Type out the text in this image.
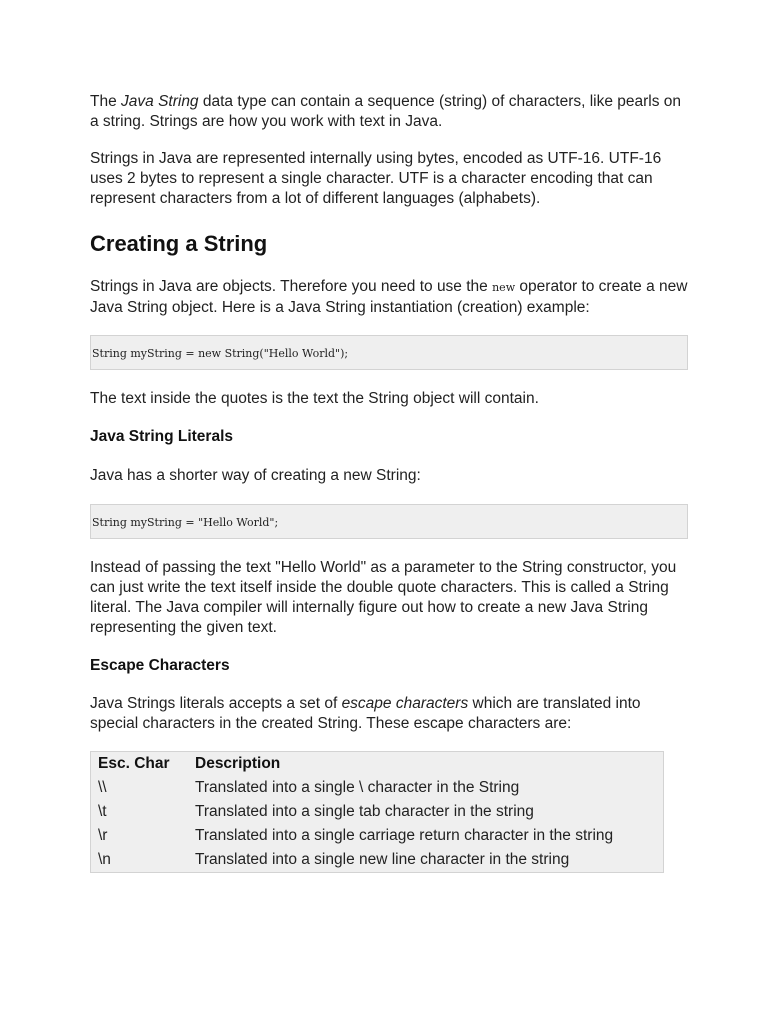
The Java String data type can contain a sequence (string) of characters, like pearls on a string. Strings are how you work with text in Java.

Strings in Java are represented internally using bytes, encoded as UTF-16. UTF-16 uses 2 bytes to represent a single character. UTF is a character encoding that can represent characters from a lot of different languages (alphabets).

Creating a String

Strings in Java are objects. Therefore you need to use the new operator to create a new Java String object. Here is a Java String instantiation (creation) example:

String myString = new String("Hello World");

The text inside the quotes is the text the String object will contain.

Java String Literals

Java has a shorter way of creating a new String:

String myString = "Hello World";

Instead of passing the text "Hello World" as a parameter to the String constructor, you can just write the text itself inside the double quote characters. This is called a String literal. The Java compiler will internally figure out how to create a new Java String representing the given text.

Escape Characters

Java Strings literals accepts a set of escape characters which are translated into special characters in the created String. These escape characters are:

Esc. Char	Description
\\	Translated into a single \ character in the String
\t	Translated into a single tab character in the string
\r	Translated into a single carriage return character in the string
\n	Translated into a single new line character in the string
